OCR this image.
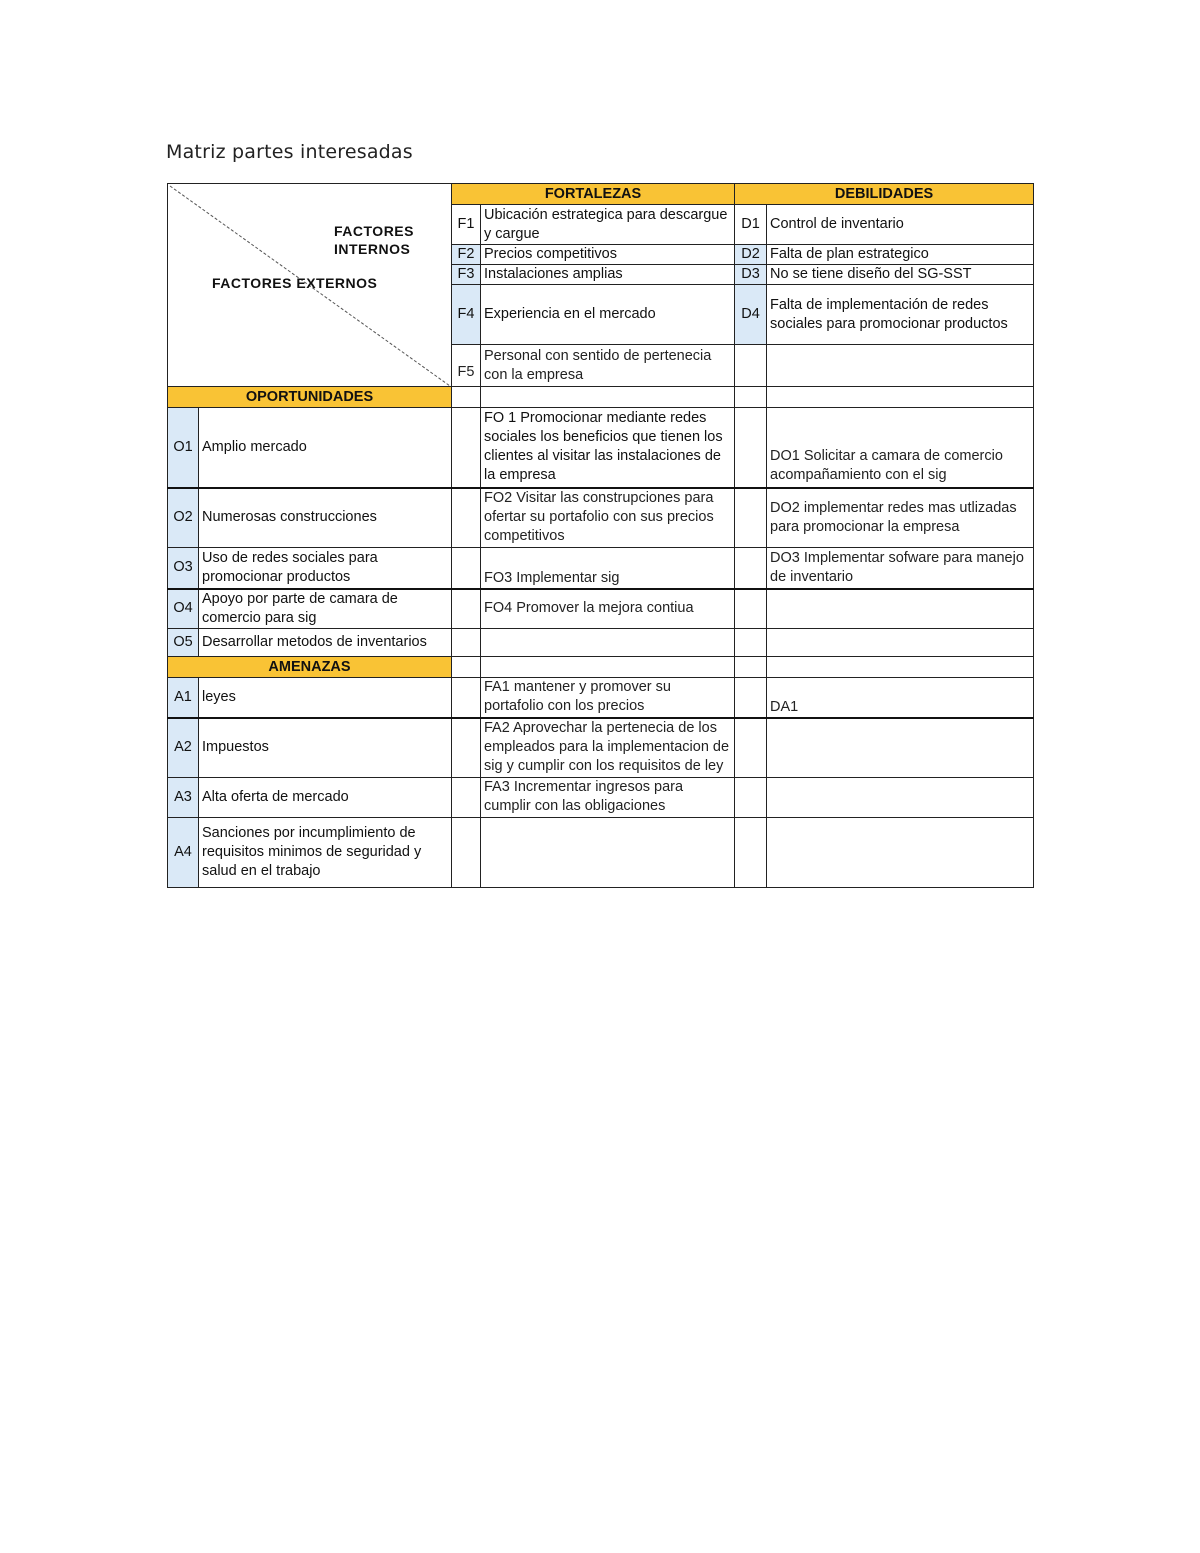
Matriz partes interesadas
FACTORES INTERNOS
FACTORES EXTERNOS		FORTALEZAS		DEBILIDADES	
		F1	Ubicación estrategica para descargue y cargue	D1	Control de inventario
		F2	Precios competitivos	D2	Falta de plan estrategico
		F3	Instalaciones amplias	D3	No se tiene diseño del SG-SST
		F4	Experiencia en el mercado	D4	Falta de implementación de redes sociales para promocionar productos
		F5	Personal con sentido de pertenecia con la empresa		
OPORTUNIDADES					
O1	Amplio mercado		FO 1 Promocionar mediante redes sociales los beneficios que tienen los clientes al visitar las instalaciones de la empresa		DO1 Solicitar a camara de comercio acompañamiento con el sig
O2	Numerosas construcciones		FO2 Visitar las construpciones para ofertar su portafolio con sus precios competitivos		DO2 implementar redes mas utlizadas para promocionar la empresa
O3	Uso de redes sociales para promocionar productos		FO3 Implementar sig		DO3 Implementar sofware para manejo de inventario
O4	Apoyo por parte de camara de comercio para sig		FO4 Promover la mejora contiua		
O5	Desarrollar metodos de inventarios				
AMENAZAS					
A1	leyes		FA1 mantener y promover su portafolio con los precios		DA1
A2	Impuestos		FA2 Aprovechar la pertenecia de los empleados para la implementacion de sig y cumplir con los requisitos de ley		
A3	Alta oferta de mercado		FA3 Incrementar ingresos para cumplir con las obligaciones		
A4	Sanciones por incumplimiento de requisitos minimos de seguridad y salud en el trabajo				
